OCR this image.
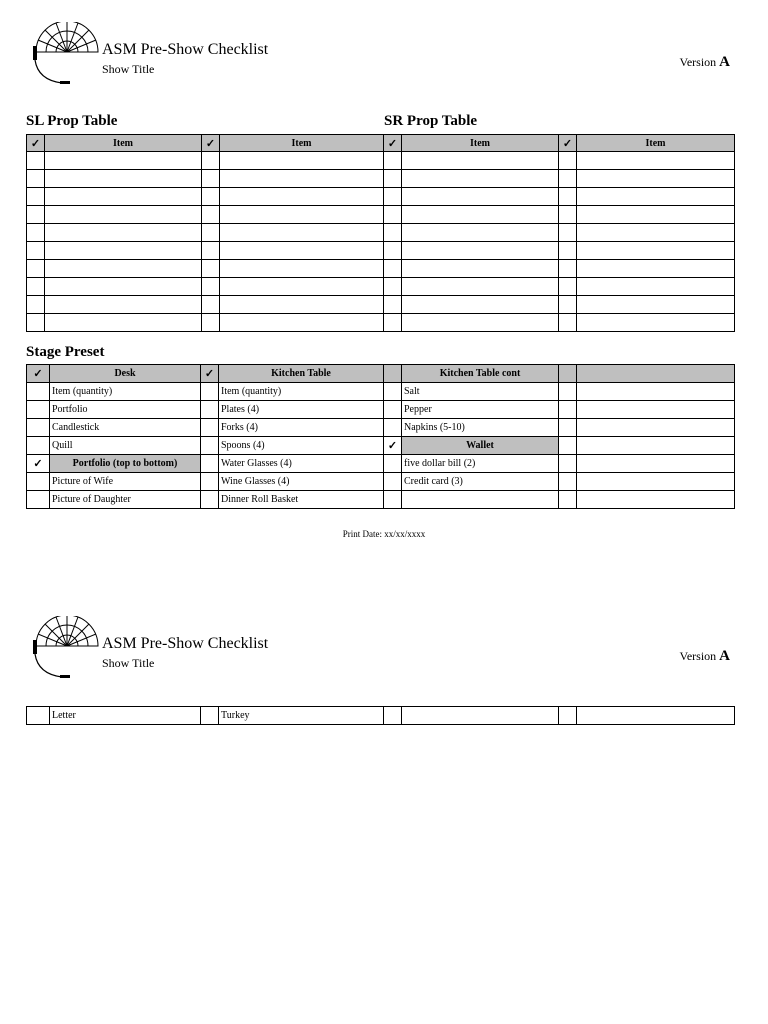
ASM Pre-Show Checklist
Show Title	Version A
SL Prop Table	SR Prop Table
✓	Item	✓	Item	✓	Item	✓	Item

Stage Preset
✓	Desk	✓	Kitchen Table		Kitchen Table cont		
	Item (quantity)		Item (quantity)		Salt		
	Portfolio		Plates (4)		Pepper		
	Candlestick		Forks (4)		Napkins (5-10)		
	Quill		Spoons (4)	✓	Wallet		
✓	Portfolio (top to bottom)		Water Glasses (4)		five dollar bill (2)		
	Picture of Wife		Wine Glasses (4)		Credit card (3)		
	Picture of Daughter		Dinner Roll Basket				
Print Date: xx/xx/xxxx
ASM Pre-Show Checklist
Show Title	Version A
	Letter		Turkey				
